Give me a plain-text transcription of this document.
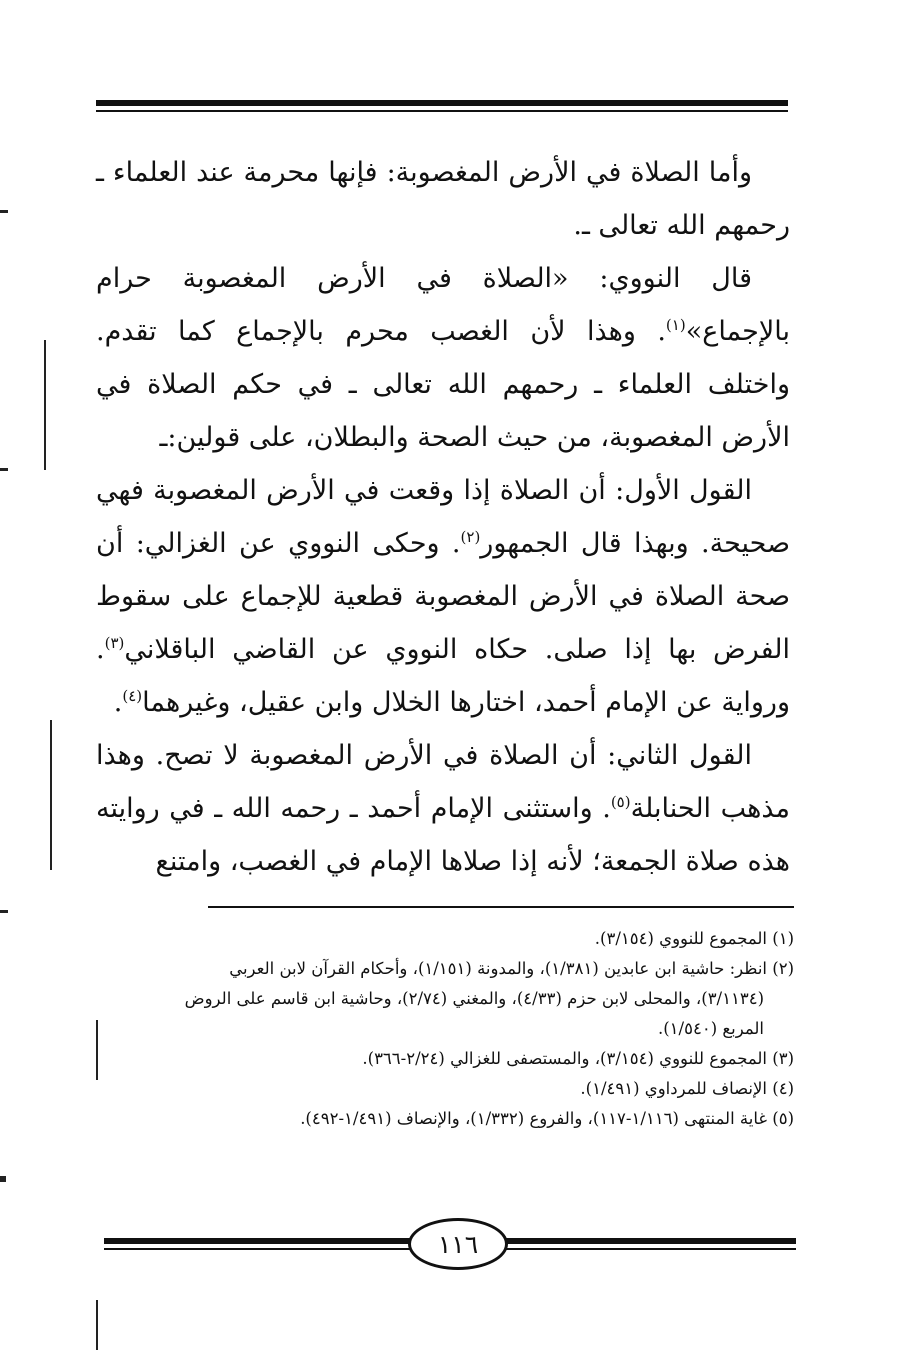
وأما الصلاة في الأرض المغصوبة: فإنها محرمة عند العلماء ـ رحمهم الله تعالى ـ.

قال النووي: «الصلاة في الأرض المغصوبة حرام بالإجماع»$^{(١)}$. وهذا لأن الغصب محرم بالإجماع كما تقدم. واختلف العلماء ـ رحمهم الله تعالى ـ في حكم الصلاة في الأرض المغصوبة، من حيث الصحة والبطلان، على قولين:ـ

القول الأول: أن الصلاة إذا وقعت في الأرض المغصوبة فهي صحيحة. وبهذا قال الجمهور$^{(٢)}$. وحكى النووي عن الغزالي: أن صحة الصلاة في الأرض المغصوبة قطعية للإجماع على سقوط الفرض بها إذا صلى. حكاه النووي عن القاضي الباقلاني$^{(٣)}$. ورواية عن الإمام أحمد، اختارها الخلال وابن عقيل، وغيرهما$^{(٤)}$.

القول الثاني: أن الصلاة في الأرض المغصوبة لا تصح. وهذا مذهب الحنابلة$^{(٥)}$. واستثنى الإمام أحمد ـ رحمه الله ـ في روايته هذه صلاة الجمعة؛ لأنه إذا صلاها الإمام في الغصب، وامتنع

(١) المجموع للنووي (٣/١٥٤).

(٢) انظر: حاشية ابن عابدين (١/٣٨١)، والمدونة (١/١٥١)، وأحكام القرآن لابن العربي

(٣/١١٣٤)، والمحلى لابن حزم (٤/٣٣)، والمغني (٢/٧٤)، وحاشية ابن قاسم على الروض

المربع (١/٥٤٠).

(٣) المجموع للنووي (٣/١٥٤)، والمستصفى للغزالي (٢/٢٤-٣٦٦).

(٤) الإنصاف للمرداوي (١/٤٩١).

(٥) غاية المنتهى (١/١١٦-١١٧)، والفروع (١/٣٣٢)، والإنصاف (١/٤٩١-٤٩٢).

١١٦
